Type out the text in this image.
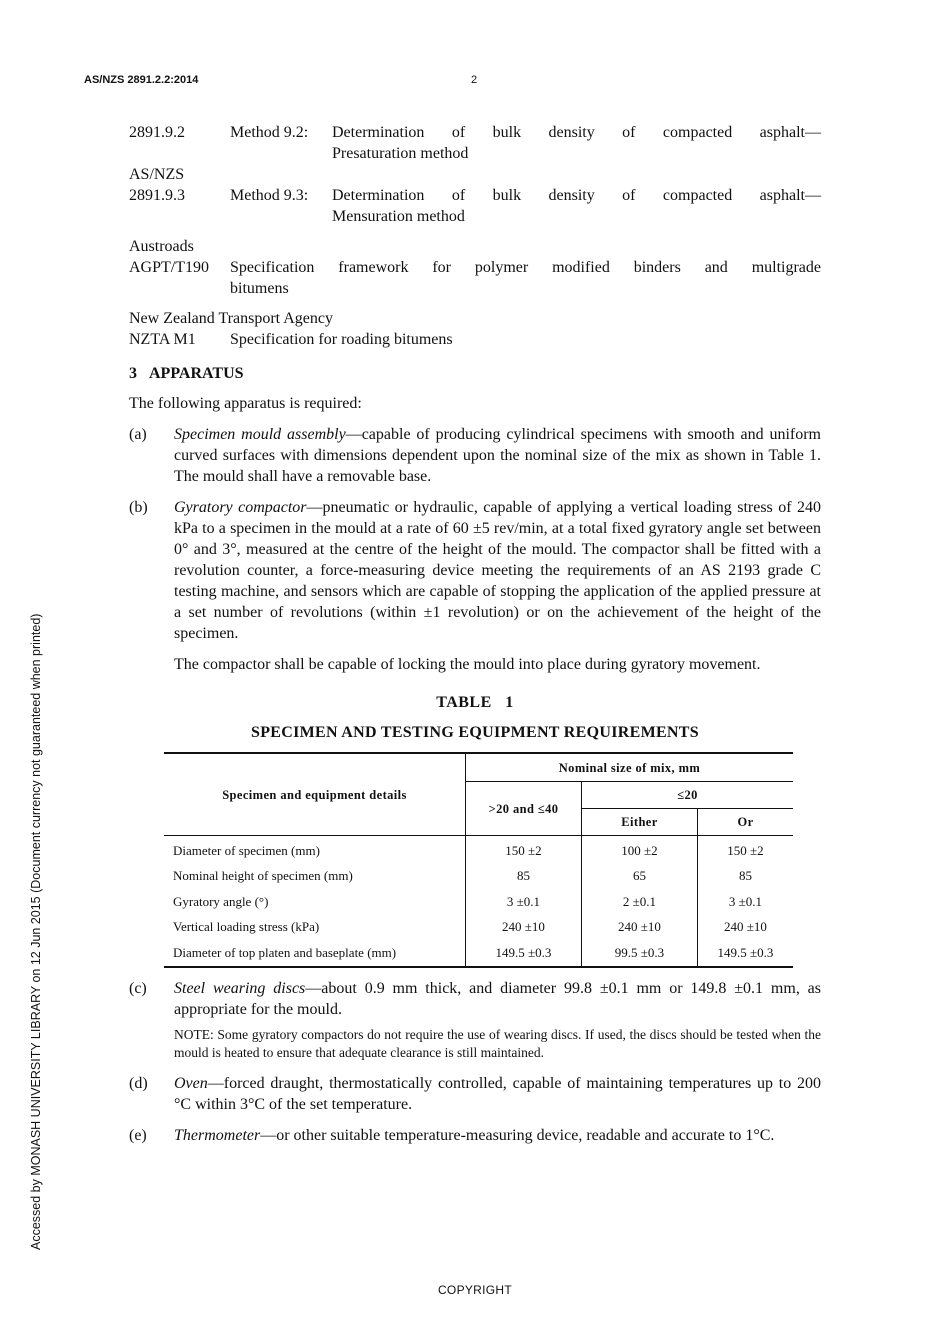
AS/NZS 2891.2.2:2014	2
Accessed by MONASH UNIVERSITY LIBRARY on 12 Jun 2015 (Document currency not guaranteed when printed)
2891.9.2	Method 9.2:	Determination of bulk density of compacted asphalt—
Presaturation method
AS/NZS
2891.9.3	Method 9.3:	Determination of bulk density of compacted asphalt—
Mensuration method
Austroads
AGPT/T190	Specification framework for polymer modified binders and multigrade
bitumens
New Zealand Transport Agency
NZTA M1	Specification for roading bitumens
3 APPARATUS

The following apparatus is required:

(a)	Specimen mould assembly—capable of producing cylindrical specimens with smooth and uniform curved surfaces with dimensions dependent upon the nominal size of the mix as shown in Table 1. The mould shall have a removable base.
(b)	Gyratory compactor—pneumatic or hydraulic, capable of applying a vertical loading stress of 240 kPa to a specimen in the mould at a rate of 60 ±5 rev/min, at a total fixed gyratory angle set between 0° and 3°, measured at the centre of the height of the mould. The compactor shall be fitted with a revolution counter, a force-measuring device meeting the requirements of an AS 2193 grade C testing machine, and sensors which are capable of stopping the application of the applied pressure at a set number of revolutions (within ±1 revolution) or on the achievement of the height of the specimen.

The compactor shall be capable of locking the mould into place during gyratory movement.

TABLE   1
SPECIMEN AND TESTING EQUIPMENT REQUIREMENTS
Specimen and equipment details	Nominal size of mix, mm		
	>20 and ≤40	≤20	
		Either	Or
Diameter of specimen (mm)	150 ±2	100 ±2	150 ±2
Nominal height of specimen (mm)	85	65	85
Gyratory angle (°)	3 ±0.1	2 ±0.1	3 ±0.1
Vertical loading stress (kPa)	240 ±10	240 ±10	240 ±10
Diameter of top platen and baseplate (mm)	149.5 ±0.3	99.5 ±0.3	149.5 ±0.3
(c)	Steel wearing discs—about 0.9 mm thick, and diameter 99.8 ±0.1 mm or 149.8 ±0.1 mm, as appropriate for the mould.

NOTE: Some gyratory compactors do not require the use of wearing discs. If used, the discs should be tested when the mould is heated to ensure that adequate clearance is still maintained.

(d)	Oven—forced draught, thermostatically controlled, capable of maintaining temperatures up to 200 °C within 3°C of the set temperature.
(e)	Thermometer—or other suitable temperature-measuring device, readable and accurate to 1°C.
COPYRIGHT
